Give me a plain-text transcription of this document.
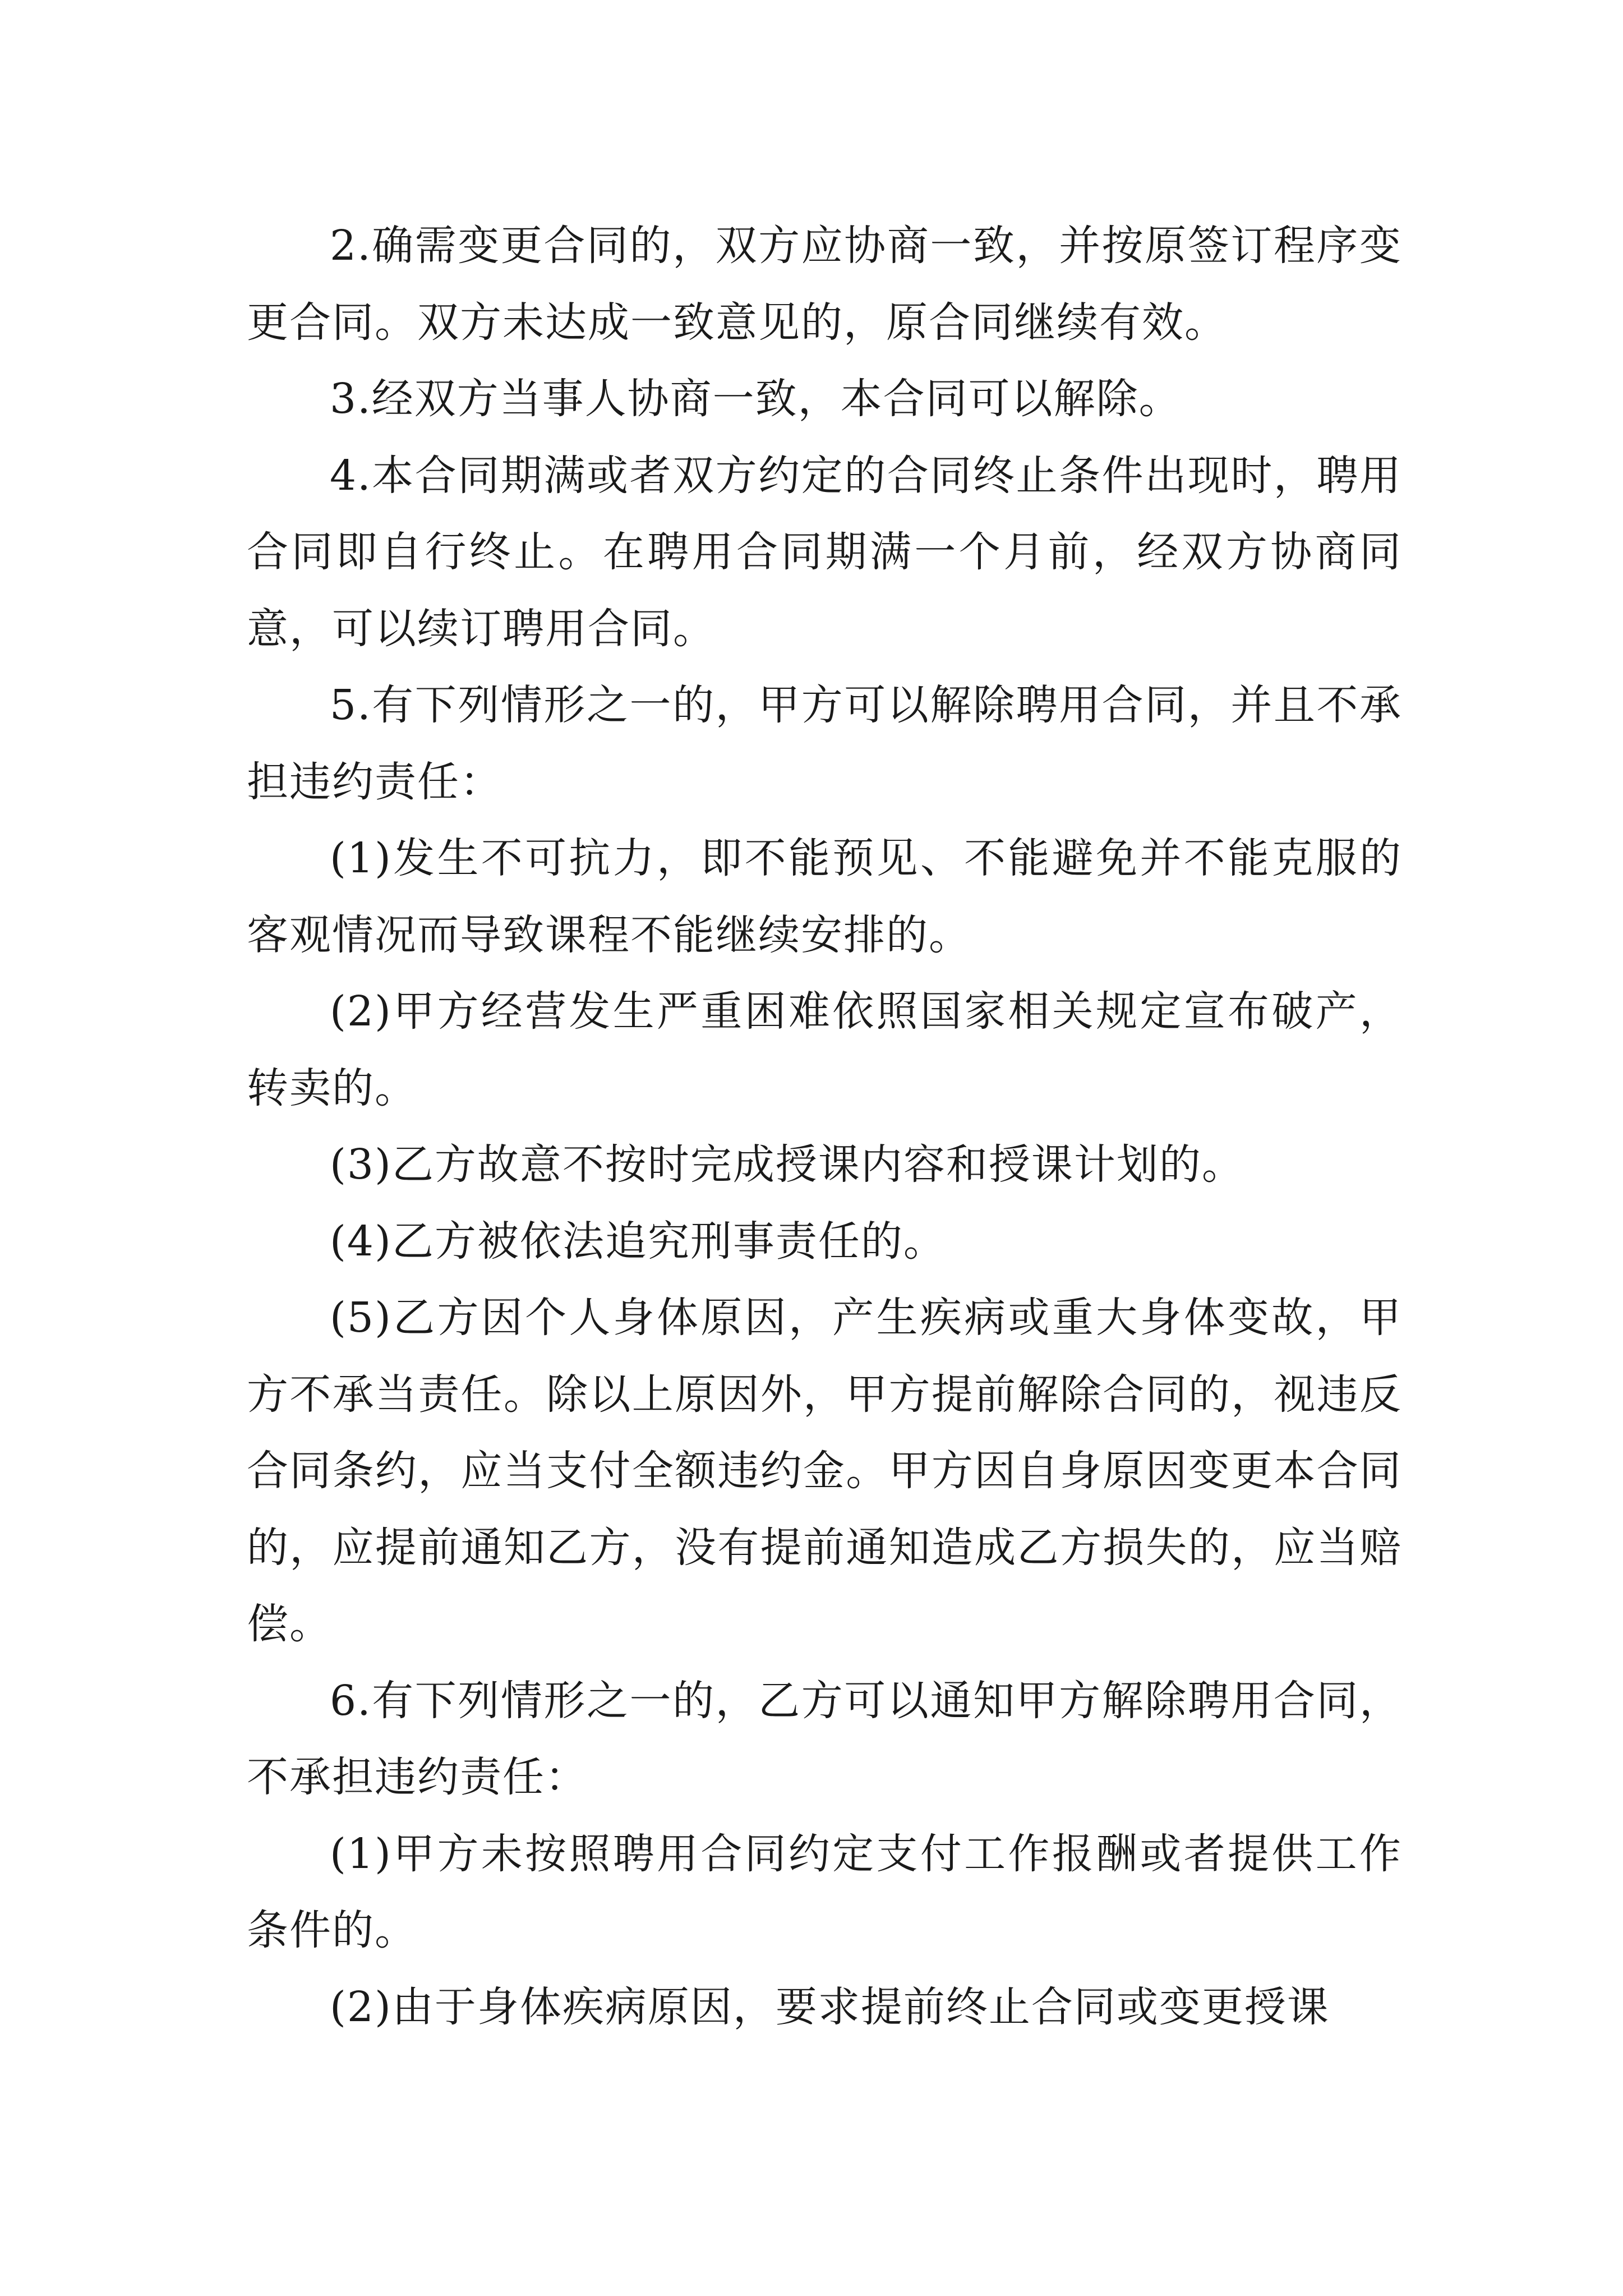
2.确需变更合同的，双方应协商一致，并按原签订程序变更合同。双方未达成一致意见的，原合同继续有效。

3.经双方当事人协商一致，本合同可以解除。

4.本合同期满或者双方约定的合同终止条件出现时，聘用合同即自行终止。在聘用合同期满一个月前，经双方协商同意，可以续订聘用合同。

5.有下列情形之一的，甲方可以解除聘用合同，并且不承担违约责任：

(1)发生不可抗力，即不能预见、不能避免并不能克服的客观情况而导致课程不能继续安排的。

(2)甲方经营发生严重困难依照国家相关规定宣布破产，转卖的。

(3)乙方故意不按时完成授课内容和授课计划的。

(4)乙方被依法追究刑事责任的。

(5)乙方因个人身体原因，产生疾病或重大身体变故，甲方不承当责任。除以上原因外，甲方提前解除合同的，视违反合同条约，应当支付全额违约金。甲方因自身原因变更本合同的，应提前通知乙方，没有提前通知造成乙方损失的，应当赔偿。

6.有下列情形之一的，乙方可以通知甲方解除聘用合同，不承担违约责任：

(1)甲方未按照聘用合同约定支付工作报酬或者提供工作条件的。

(2)由于身体疾病原因，要求提前终止合同或变更授课
